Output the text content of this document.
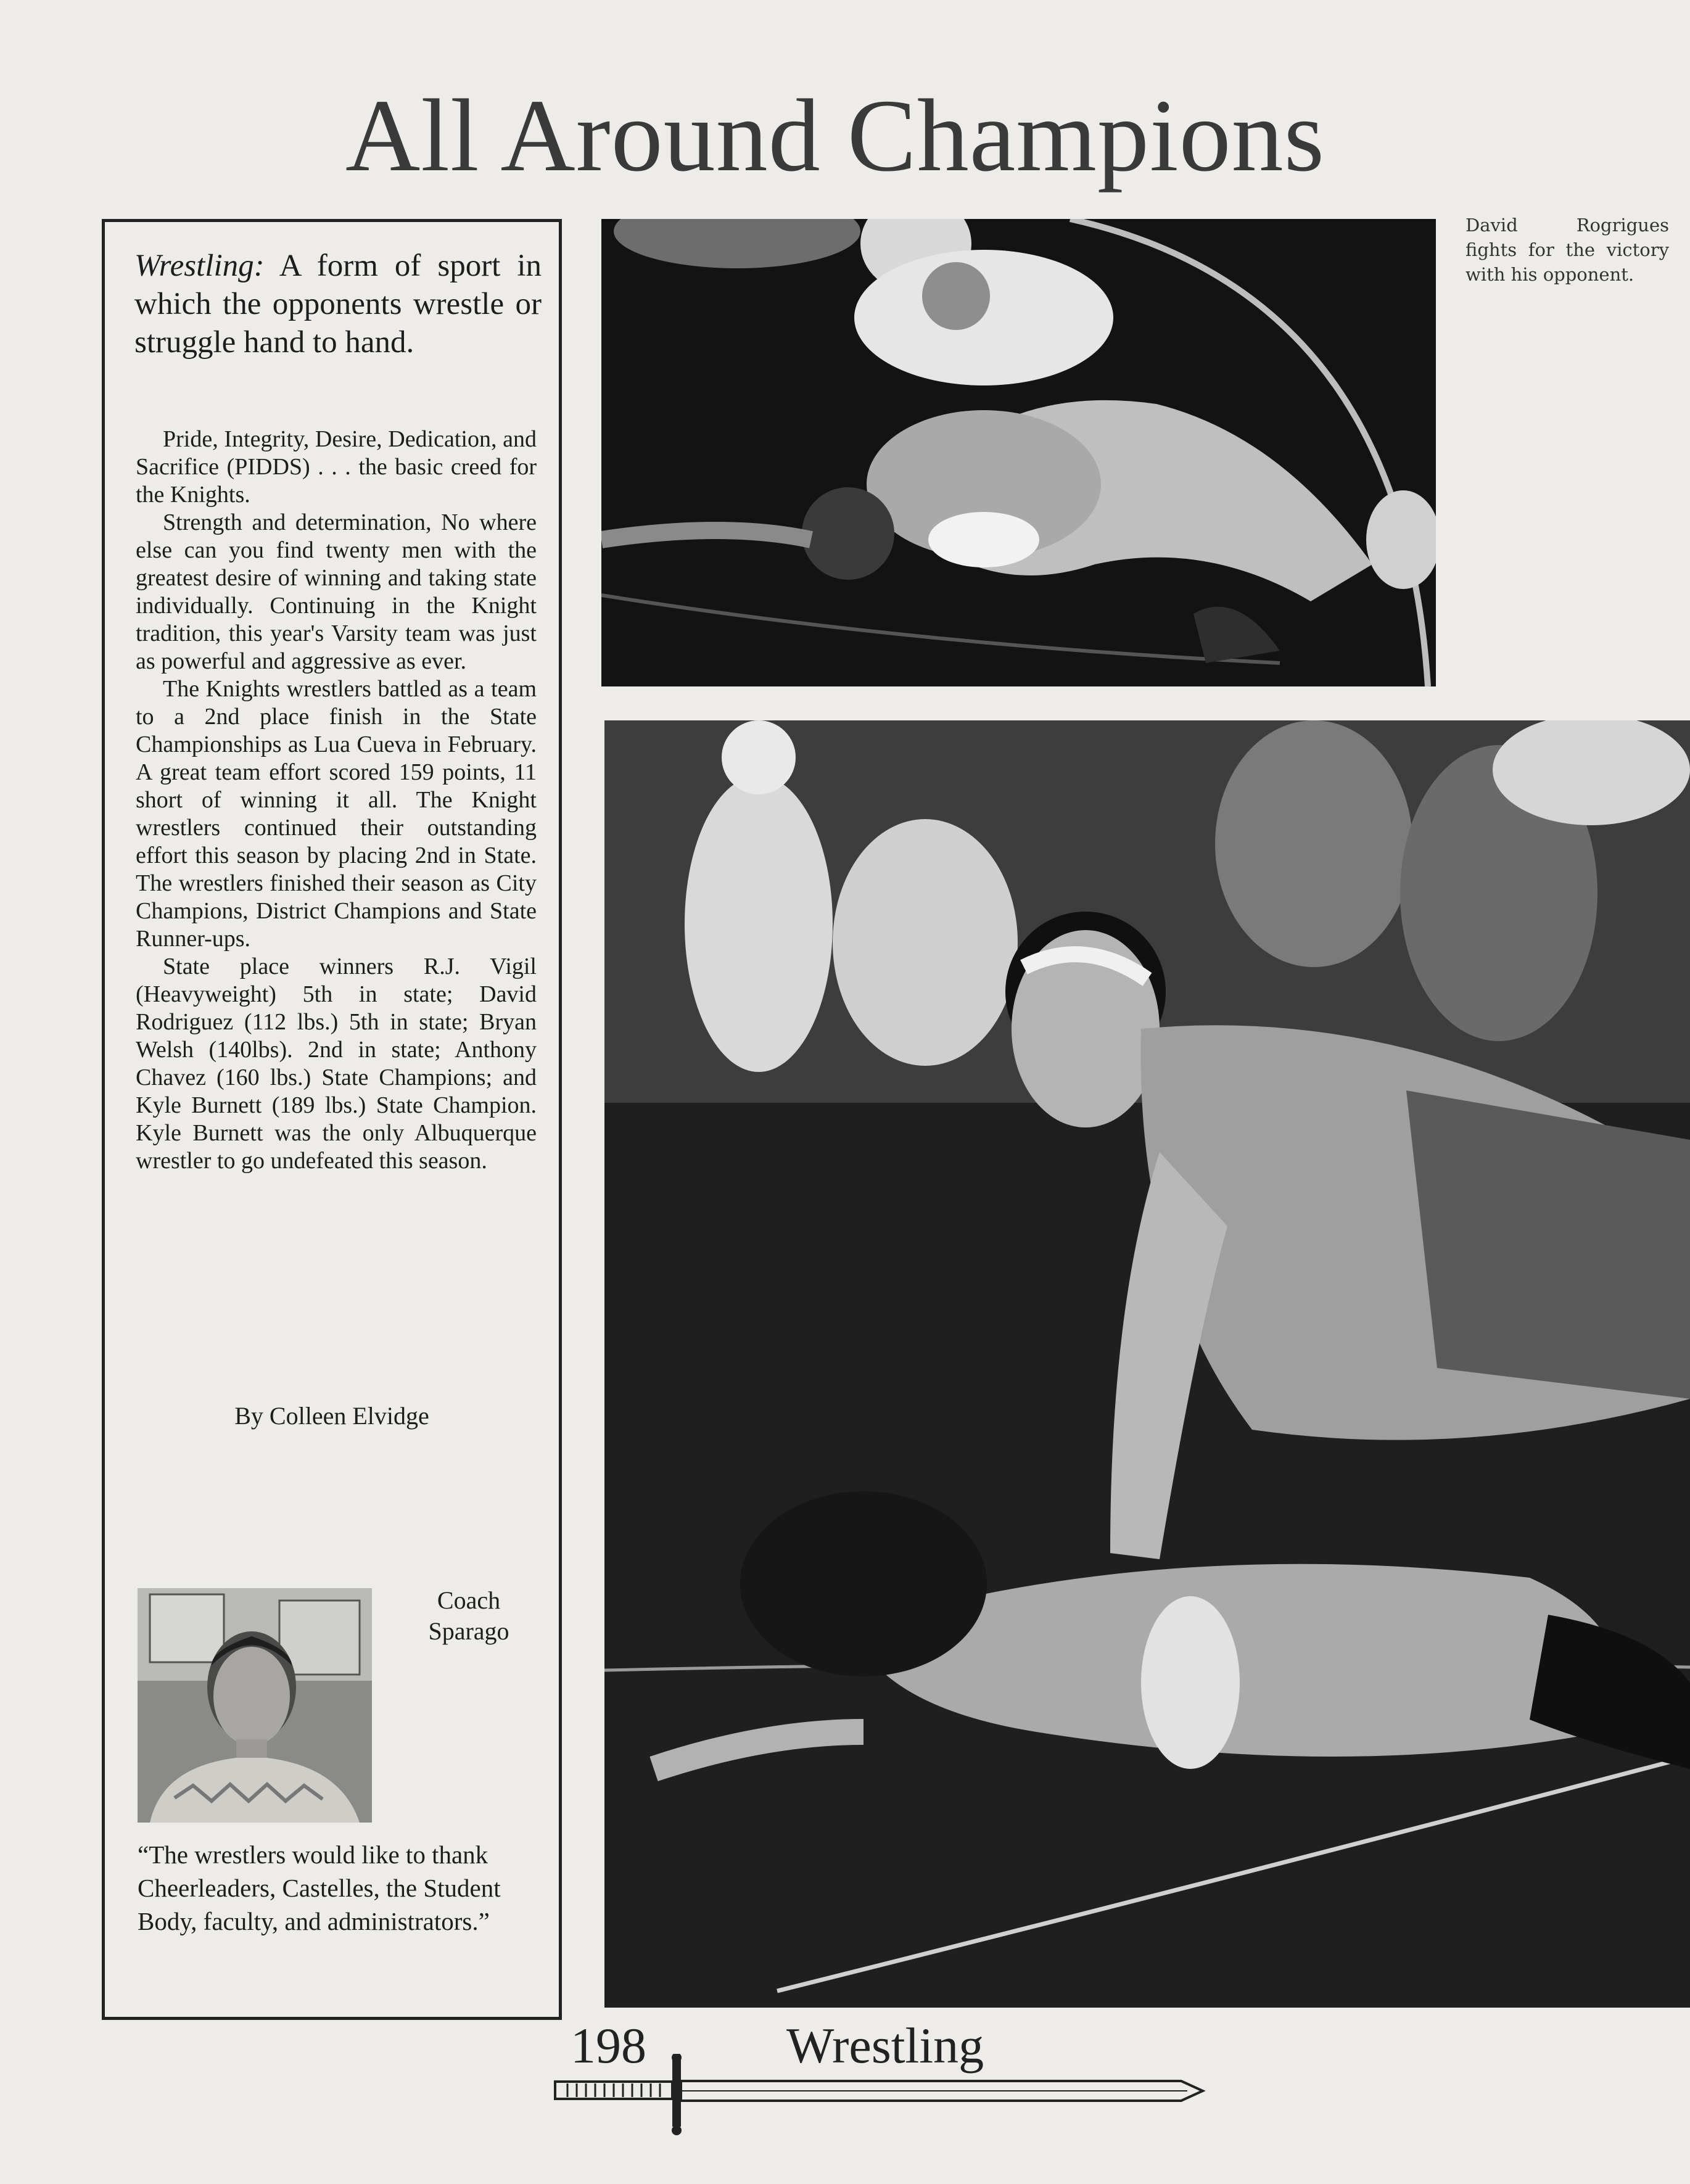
All Around Champions
Wrestling: A form of sport in which the opponents wrestle or struggle hand to hand.

Pride, Integrity, Desire, Dedication, and Sacrifice (PIDDS) . . . the basic creed for the Knights.

Strength and determination, No where else can you find twenty men with the greatest desire of winning and taking state individually. Continuing in the Knight tradition, this year's Varsity team was just as powerful and aggressive as ever.

The Knights wrestlers battled as a team to a 2nd place finish in the State Championships as Lua Cueva in February. A great team effort scored 159 points, 11 short of winning it all. The Knight wrestlers continued their outstanding effort this season by placing 2nd in State. The wrestlers finished their season as City Champions, District Champions and State Runner-ups.

State place winners R.J. Vigil (Heavyweight) 5th in state; David Rodriguez (112 lbs.) 5th in state; Bryan Welsh (140lbs). 2nd in state; Anthony Chavez (160 lbs.) State Champions; and Kyle Burnett (189 lbs.) State Champion. Kyle Burnett was the only Albuquerque wrestler to go undefeated this season.

By Colleen Elvidge
Coach
Sparago
“The wrestlers would like to thank Cheerleaders, Castelles, the Student Body, faculty, and administrators.”
David Rogrigues fights for the victory with his opponent.
198	Wrestling
